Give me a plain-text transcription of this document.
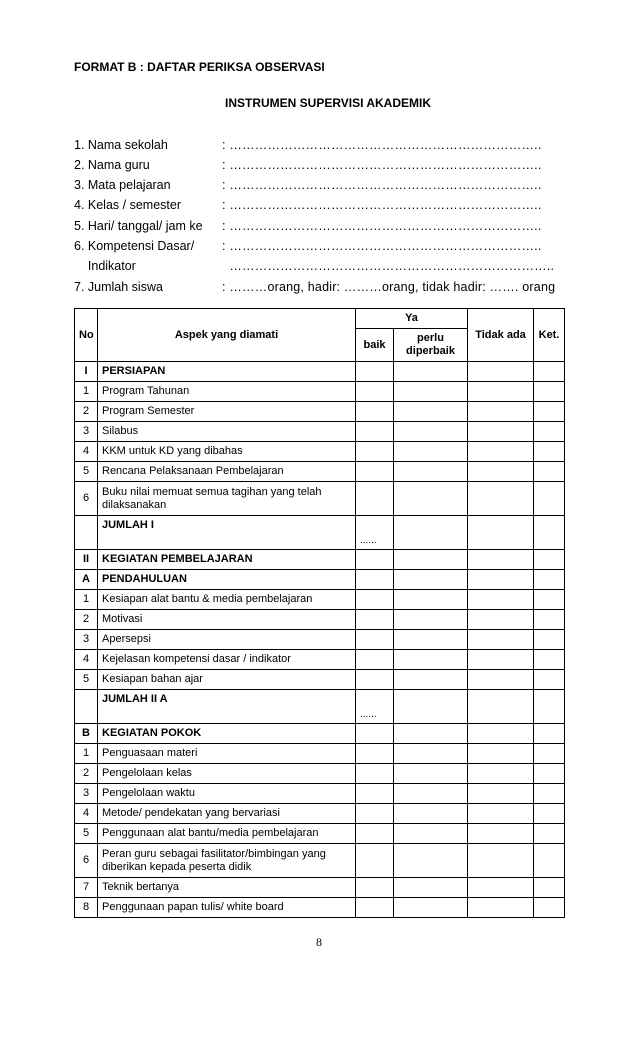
FORMAT B : DAFTAR PERIKSA OBSERVASI
INSTRUMEN SUPERVISI AKADEMIK
1. Nama sekolah	: ………………………………………………………………..
2. Nama guru	: ………………………………………………………………..
3. Mata pelajaran	: ………………………………………………………………..
4. Kelas / semester	: ………………………………………………………………..
5. Hari/ tanggal/ jam ke : ………………………………………………………………..
6. Kompetensi Dasar/ : ………………………………………………………………..
Indikator	…………………………………………………………………..
7. Jumlah siswa	: ………orang, hadir: ………orang, tidak hadir: ……. orang
No	Aspek yang diamati	Ya		Tidak ada	Ket.
		baik	perlu diperbaik		
I	PERSIAPAN				
1	Program Tahunan				
2	Program Semester				
3	Silabus				
4	KKM untuk KD yang dibahas				
5	Rencana Pelaksanaan Pembelajaran				
6	Buku nilai memuat semua tagihan yang telah dilaksanakan				
	JUMLAH I	......			
II	KEGIATAN PEMBELAJARAN				
A	PENDAHULUAN				
1	Kesiapan alat bantu & media pembelajaran				
2	Motivasi				
3	Apersepsi				
4	Kejelasan kompetensi dasar / indikator				
5	Kesiapan bahan ajar				
	JUMLAH II A	......			
B	KEGIATAN POKOK				
1	Penguasaan materi				
2	Pengelolaan kelas				
3	Pengelolaan waktu				
4	Metode/ pendekatan yang bervariasi				
5	Penggunaan alat bantu/media pembelajaran				
6	Peran guru sebagai fasilitator/bimbingan yang diberikan kepada peserta didik				
7	Teknik bertanya				
8	Penggunaan papan tulis/ white board				
8
